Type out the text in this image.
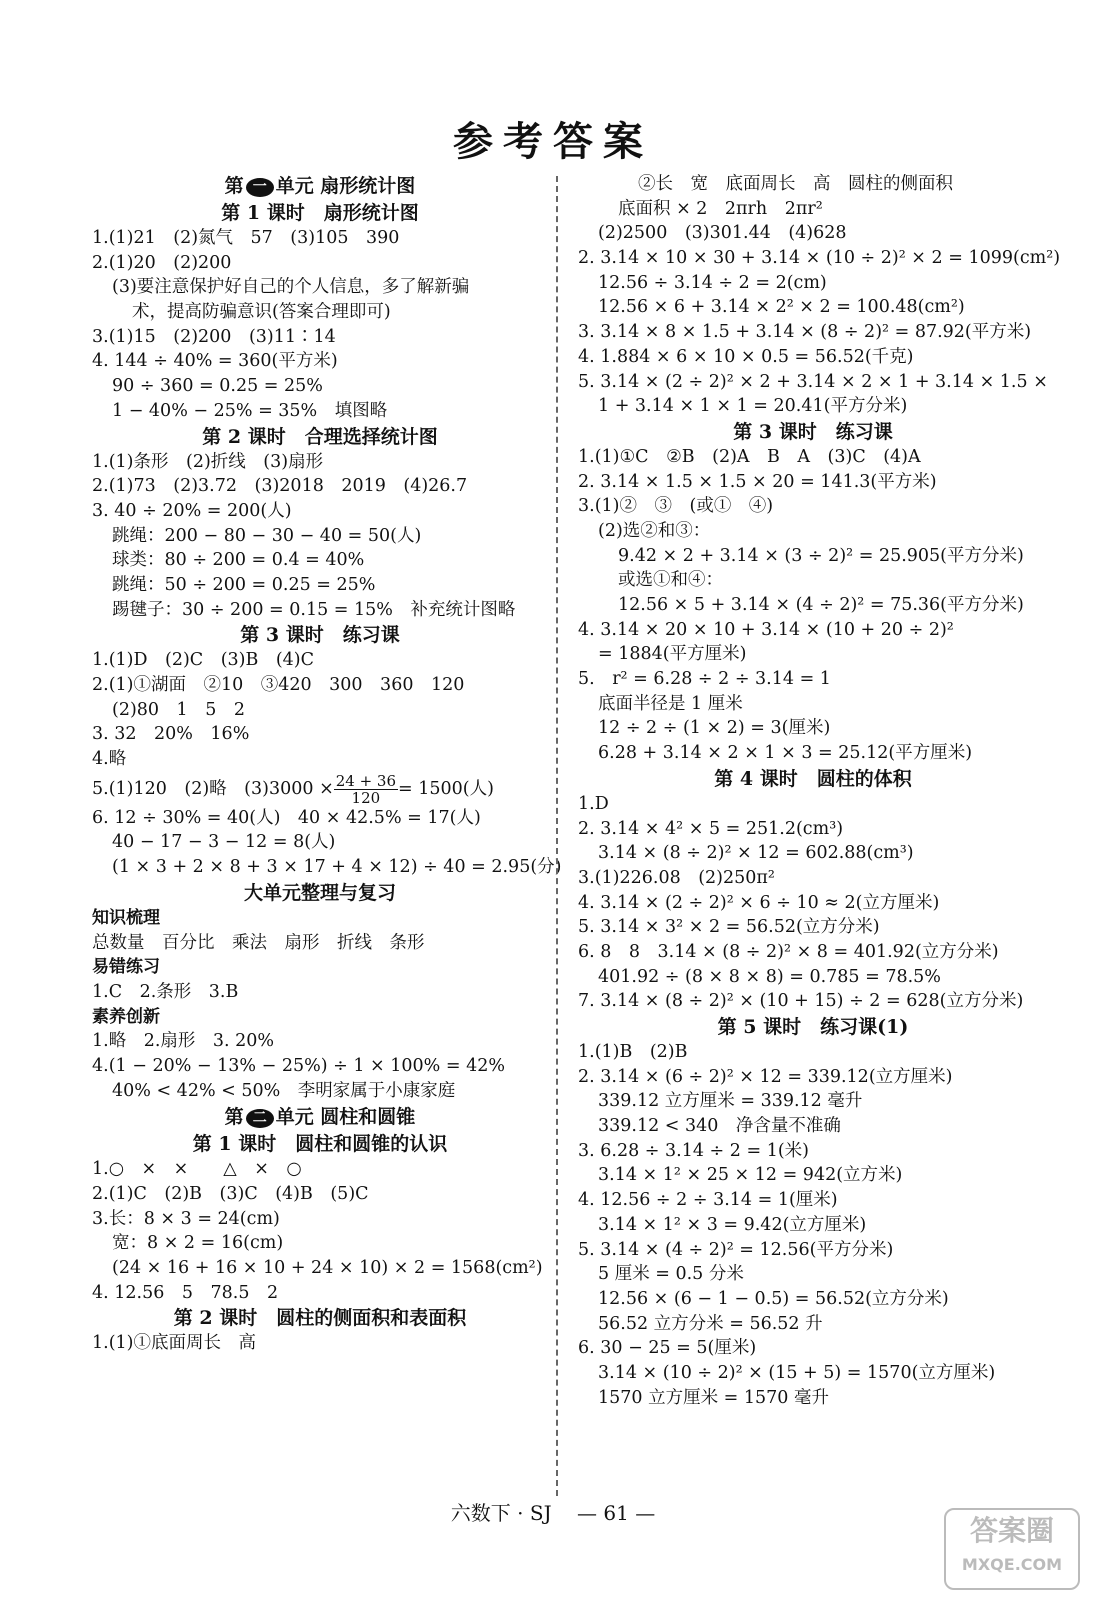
参考答案
第 一 单元 扇形统计图
第 1 课时　扇形统计图
1.(1)21　(2)氮气　57　(3)105　390
2.(1)20　(2)200
(3)要注意保护好自己的个人信息，多了解新骗
术，提高防骗意识(答案合理即可)
3.(1)15　(2)200　(3)11∶14
4. 144 ÷ 40% = 360(平方米)
90 ÷ 360 = 0.25 = 25%
1 − 40% − 25% = 35%　填图略
第 2 课时　合理选择统计图
1.(1)条形　(2)折线　(3)扇形
2.(1)73　(2)3.72　(3)2018　2019　(4)26.7
3. 40 ÷ 20% = 200(人)
跳绳：200 − 80 − 30 − 40 = 50(人)
球类：80 ÷ 200 = 0.4 = 40%
跳绳：50 ÷ 200 = 0.25 = 25%
踢毽子：30 ÷ 200 = 0.15 = 15%　补充统计图略
第 3 课时　练习课
1.(1)D　(2)C　(3)B　(4)C
2.(1)①湖面　②10　③420　300　360　120
(2)80　1　5　2
3. 32　20%　16%
4.略
5.(1)120　(2)略　$(3)3000 \times \frac{24 + 36}{120} = 1500$(人)
6. 12 ÷ 30% = 40(人)　40 × 42.5% = 17(人)
40 − 17 − 3 − 12 = 8(人)
(1 × 3 + 2 × 8 + 3 × 17 + 4 × 12) ÷ 40 = 2.95(分)
大单元整理与复习
知识梳理
总数量　百分比　乘法　扇形　折线　条形
易错练习
1.C　2.条形　3.B
素养创新
1.略　2.扇形　3. 20%
4.(1 − 20% − 13% − 25%) ÷ 1 × 100% = 42%
40% < 42% < 50%　李明家属于小康家庭
第 二 单元 圆柱和圆锥
第 1 课时　圆柱和圆锥的认识
1.○　×　×　　△　×　○
2.(1)C　(2)B　(3)C　(4)B　(5)C
3.长：8 × 3 = 24(cm)
宽：8 × 2 = 16(cm)
(24 × 16 + 16 × 10 + 24 × 10) × 2 = 1568(cm²)
4. 12.56　5　78.5　2
第 2 课时　圆柱的侧面积和表面积
1.(1)①底面周长　高
②长　宽　底面周长　高　圆柱的侧面积
底面积 × 2　2πrh　2πr²
(2)2500　(3)301.44　(4)628
2. 3.14 × 10 × 30 + 3.14 × (10 ÷ 2)² × 2 = 1099(cm²)
12.56 ÷ 3.14 ÷ 2 = 2(cm)
12.56 × 6 + 3.14 × 2² × 2 = 100.48(cm²)
3. 3.14 × 8 × 1.5 + 3.14 × (8 ÷ 2)² = 87.92(平方米)
4. 1.884 × 6 × 10 × 0.5 = 56.52(千克)
5. 3.14 × (2 ÷ 2)² × 2 + 3.14 × 2 × 1 + 3.14 × 1.5 ×
1 + 3.14 × 1 × 1 = 20.41(平方分米)
第 3 课时　练习课
1.(1)①C　②B　(2)A　B　A　(3)C　(4)A
2. 3.14 × 1.5 × 1.5 × 20 = 141.3(平方米)
3.(1)②　③　(或①　④)
(2)选②和③：
9.42 × 2 + 3.14 × (3 ÷ 2)² = 25.905(平方分米)
或选①和④：
12.56 × 5 + 3.14 × (4 ÷ 2)² = 75.36(平方分米)
4. 3.14 × 20 × 10 + 3.14 × (10 + 20 ÷ 2)²
= 1884(平方厘米)
5.　r² = 6.28 ÷ 2 ÷ 3.14 = 1
底面半径是 1 厘米
12 ÷ 2 ÷ (1 × 2) = 3(厘米)
6.28 + 3.14 × 2 × 1 × 3 = 25.12(平方厘米)
第 4 课时　圆柱的体积
1.D
2. 3.14 × 4² × 5 = 251.2(cm³)
3.14 × (8 ÷ 2)² × 12 = 602.88(cm³)
3.(1)226.08　(2)250π²
4. 3.14 × (2 ÷ 2)² × 6 ÷ 10 ≈ 2(立方厘米)
5. 3.14 × 3² × 2 = 56.52(立方分米)
6. 8　8　3.14 × (8 ÷ 2)² × 8 = 401.92(立方分米)
401.92 ÷ (8 × 8 × 8) = 0.785 = 78.5%
7. 3.14 × (8 ÷ 2)² × (10 + 15) ÷ 2 = 628(立方分米)
第 5 课时　练习课(1)
1.(1)B　(2)B
2. 3.14 × (6 ÷ 2)² × 12 = 339.12(立方厘米)
339.12 立方厘米 = 339.12 毫升
339.12 < 340　净含量不准确
3. 6.28 ÷ 3.14 ÷ 2 = 1(米)
3.14 × 1² × 25 × 12 = 942(立方米)
4. 12.56 ÷ 2 ÷ 3.14 = 1(厘米)
3.14 × 1² × 3 = 9.42(立方厘米)
5. 3.14 × (4 ÷ 2)² = 12.56(平方分米)
5 厘米 = 0.5 分米
12.56 × (6 − 1 − 0.5) = 56.52(立方分米)
56.52 立方分米 = 56.52 升
6. 30 − 25 = 5(厘米)
3.14 × (10 ÷ 2)² × (15 + 5) = 1570(立方厘米)
1570 立方厘米 = 1570 毫升
六数下 · SJ — 61 —
答案圈
MXQE.COM
